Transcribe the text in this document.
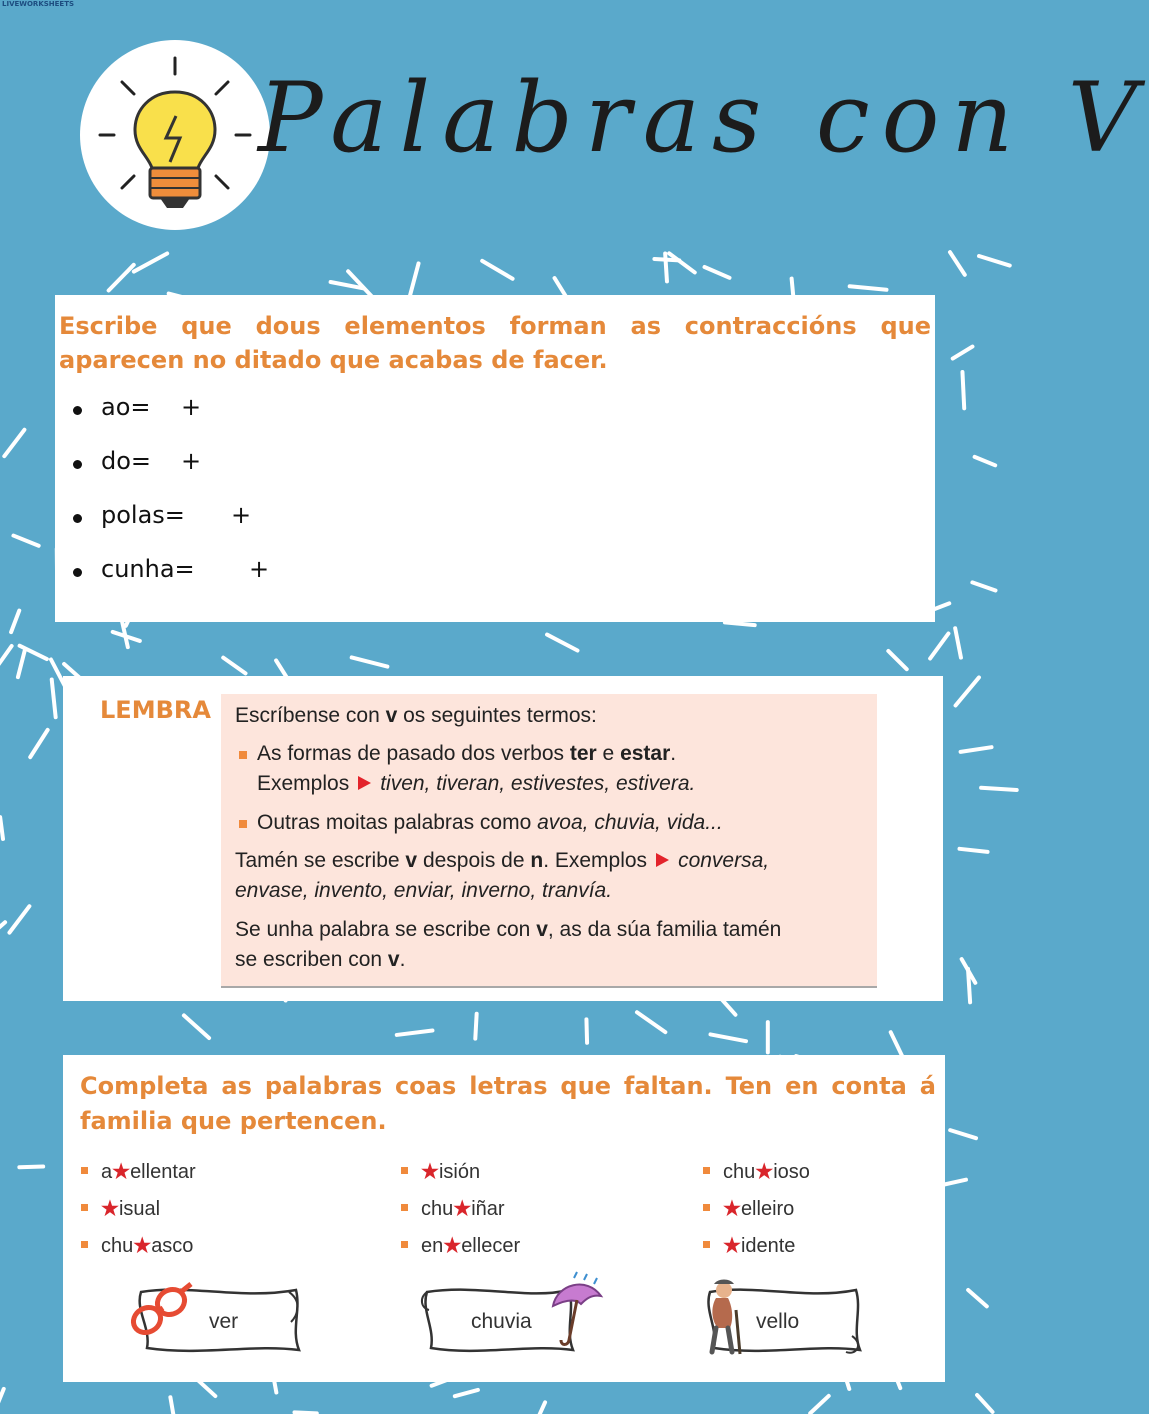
LIVEWORKSHEETS
Palabras con V
Escribe que dous elementos forman as contraccións que aparecen no ditado que acabas de facer.
ao= +
do= +
polas= +
cunha= +
LEMBRA Escríbense con v os seguintes termos:

As formas de pasado dos verbos ter e estar.

Exemplos tiven, tiveran, estivestes, estivera.

Outras moitas palabras como avoa, chuvia, vida...

Tamén se escribe v despois de n. Exemplos conversa,

envase, invento, enviar, inverno, tranvía.

Se unha palabra se escribe con v, as da súa familia tamén

se escriben con v.

Completa as palabras coas letras que faltan. Ten en conta á familia que pertencen.
a★ellentar
★isual
chu★asco
★isión
chu★iñar
en★ellecer
chu★ioso
★elleiro
★idente
ver	chuvia	vello
